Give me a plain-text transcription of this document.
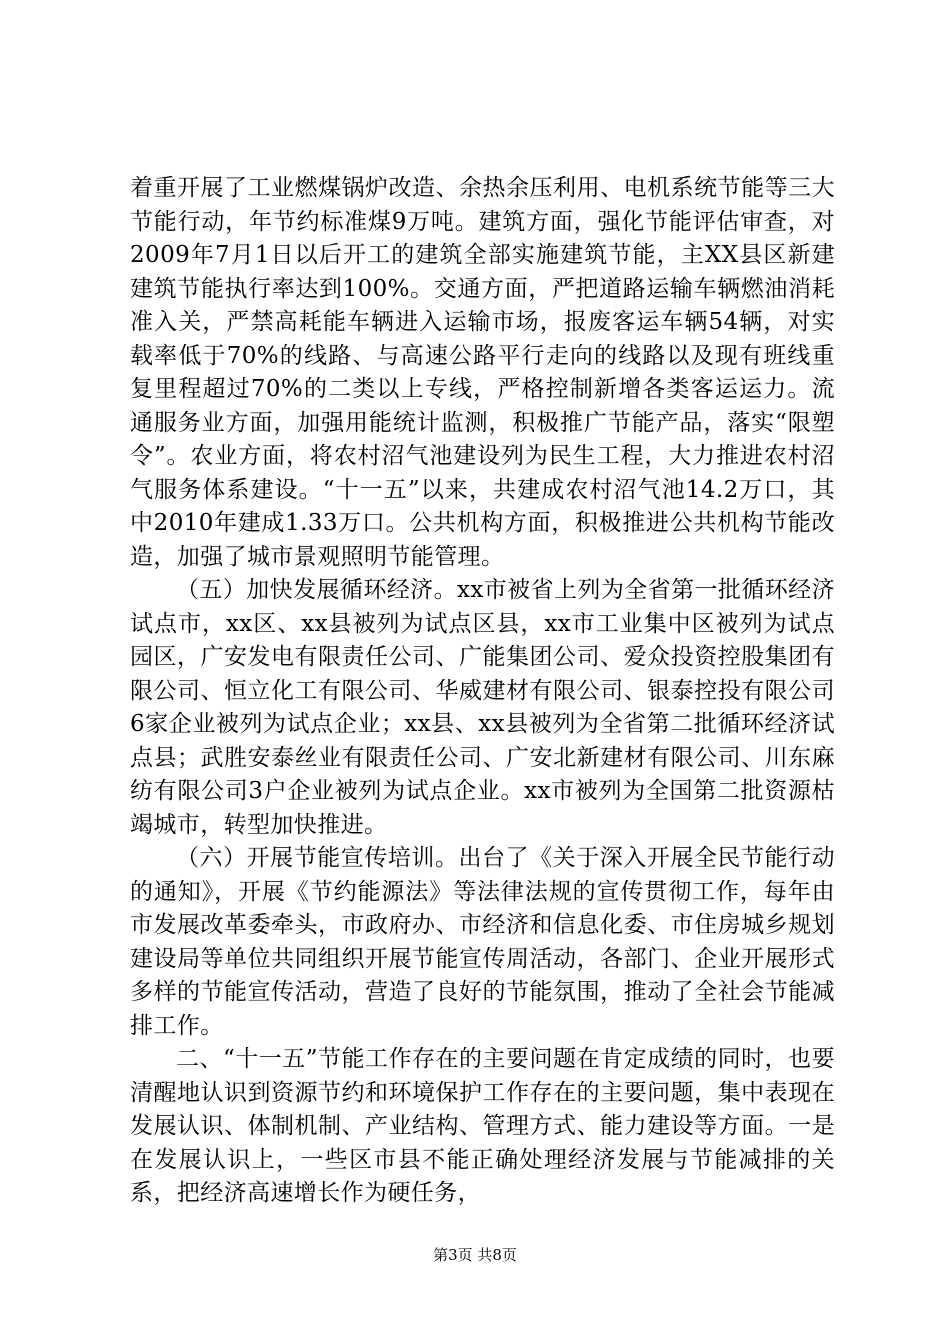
着重开展了工业燃煤锅炉改造、余热余压利用、电机系统节能等三大节能行动，年节约标准煤9万吨。建筑方面，强化节能评估审查，对2009年7月1日以后开工的建筑全部实施建筑节能，主XX县区新建建筑节能执行率达到100%。交通方面，严把道路运输车辆燃油消耗准入关，严禁高耗能车辆进入运输市场，报废客运车辆54辆，对实载率低于70%的线路、与高速公路平行走向的线路以及现有班线重复里程超过70%的二类以上专线，严格控制新增各类客运运力。流通服务业方面，加强用能统计监测，积极推广节能产品，落实“限塑令”。农业方面，将农村沼气池建设列为民生工程，大力推进农村沼气服务体系建设。“十一五”以来，共建成农村沼气池14.2万口，其中2010年建成1.33万口。公共机构方面，积极推进公共机构节能改造，加强了城市景观照明节能管理。

（五）加快发展循环经济。xx市被省上列为全省第一批循环经济试点市，xx区、xx县被列为试点区县，xx市工业集中区被列为试点园区，广安发电有限责任公司、广能集团公司、爱众投资控股集团有限公司、恒立化工有限公司、华威建材有限公司、银泰控投有限公司6家企业被列为试点企业；xx县、xx县被列为全省第二批循环经济试点县；武胜安泰丝业有限责任公司、广安北新建材有限公司、川东麻纺有限公司3户企业被列为试点企业。xx市被列为全国第二批资源枯竭城市，转型加快推进。

（六）开展节能宣传培训。出台了《关于深入开展全民节能行动的通知》，开展《节约能源法》等法律法规的宣传贯彻工作，每年由市发展改革委牵头，市政府办、市经济和信息化委、市住房城乡规划建设局等单位共同组织开展节能宣传周活动，各部门、企业开展形式多样的节能宣传活动，营造了良好的节能氛围，推动了全社会节能减排工作。

二、“十一五”节能工作存在的主要问题在肯定成绩的同时，也要清醒地认识到资源节约和环境保护工作存在的主要问题，集中表现在发展认识、体制机制、产业结构、管理方式、能力建设等方面。一是在发展认识上，一些区市县不能正确处理经济发展与节能减排的关系，把经济高速增长作为硬任务，

第3页 共8页
